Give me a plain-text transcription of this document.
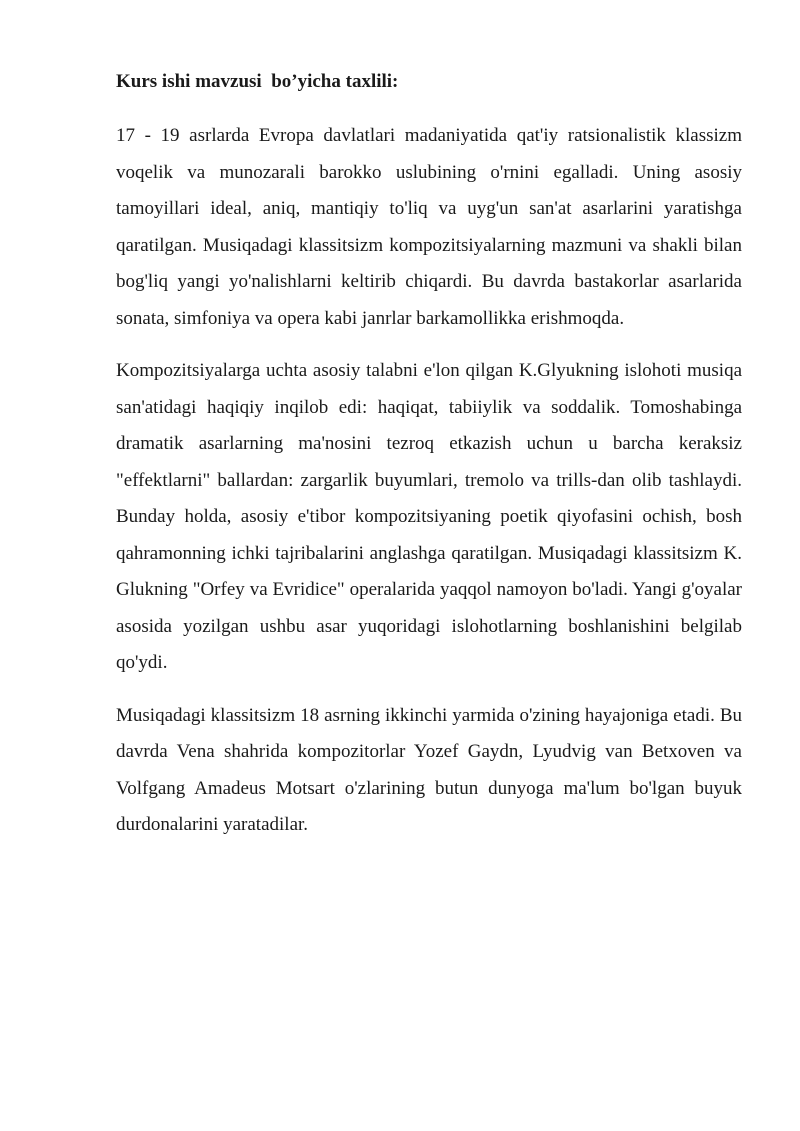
Kurs ishi mavzusi  bo’yicha taxlili:

17 - 19 asrlarda Evropa davlatlari madaniyatida qat'iy ratsionalistik klassizm voqelik va munozarali barokko uslubining o'rnini egalladi. Uning asosiy tamoyillari ideal, aniq, mantiqiy to'liq va uyg'un san'at asarlarini yaratishga qaratilgan. Musiqadagi klassitsizm kompozitsiyalarning mazmuni va shakli bilan bog'liq yangi yo'nalishlarni keltirib chiqardi. Bu davrda bastakorlar asarlarida sonata, simfoniya va opera kabi janrlar barkamollikka erishmoqda.

Kompozitsiyalarga uchta asosiy talabni e'lon qilgan K.Glyukning islohoti musiqa san'atidagi haqiqiy inqilob edi: haqiqat, tabiiylik va soddalik. Tomoshabinga dramatik asarlarning ma'nosini tezroq etkazish uchun u barcha keraksiz "effektlarni" ballardan: zargarlik buyumlari, tremolo va trills-dan olib tashlaydi. Bunday holda, asosiy e'tibor kompozitsiyaning poetik qiyofasini ochish, bosh qahramonning ichki tajribalarini anglashga qaratilgan. Musiqadagi klassitsizm K. Glukning "Orfey va Evridice" operalarida yaqqol namoyon bo'ladi. Yangi g'oyalar asosida yozilgan ushbu asar yuqoridagi islohotlarning boshlanishini belgilab qo'ydi.

Musiqadagi klassitsizm 18 asrning ikkinchi yarmida o'zining hayajoniga etadi. Bu davrda Vena shahrida kompozitorlar Yozef Gaydn, Lyudvig van Betxoven va Volfgang Amadeus Motsart o'zlarining butun dunyoga ma'lum bo'lgan buyuk durdonalarini yaratadilar.
